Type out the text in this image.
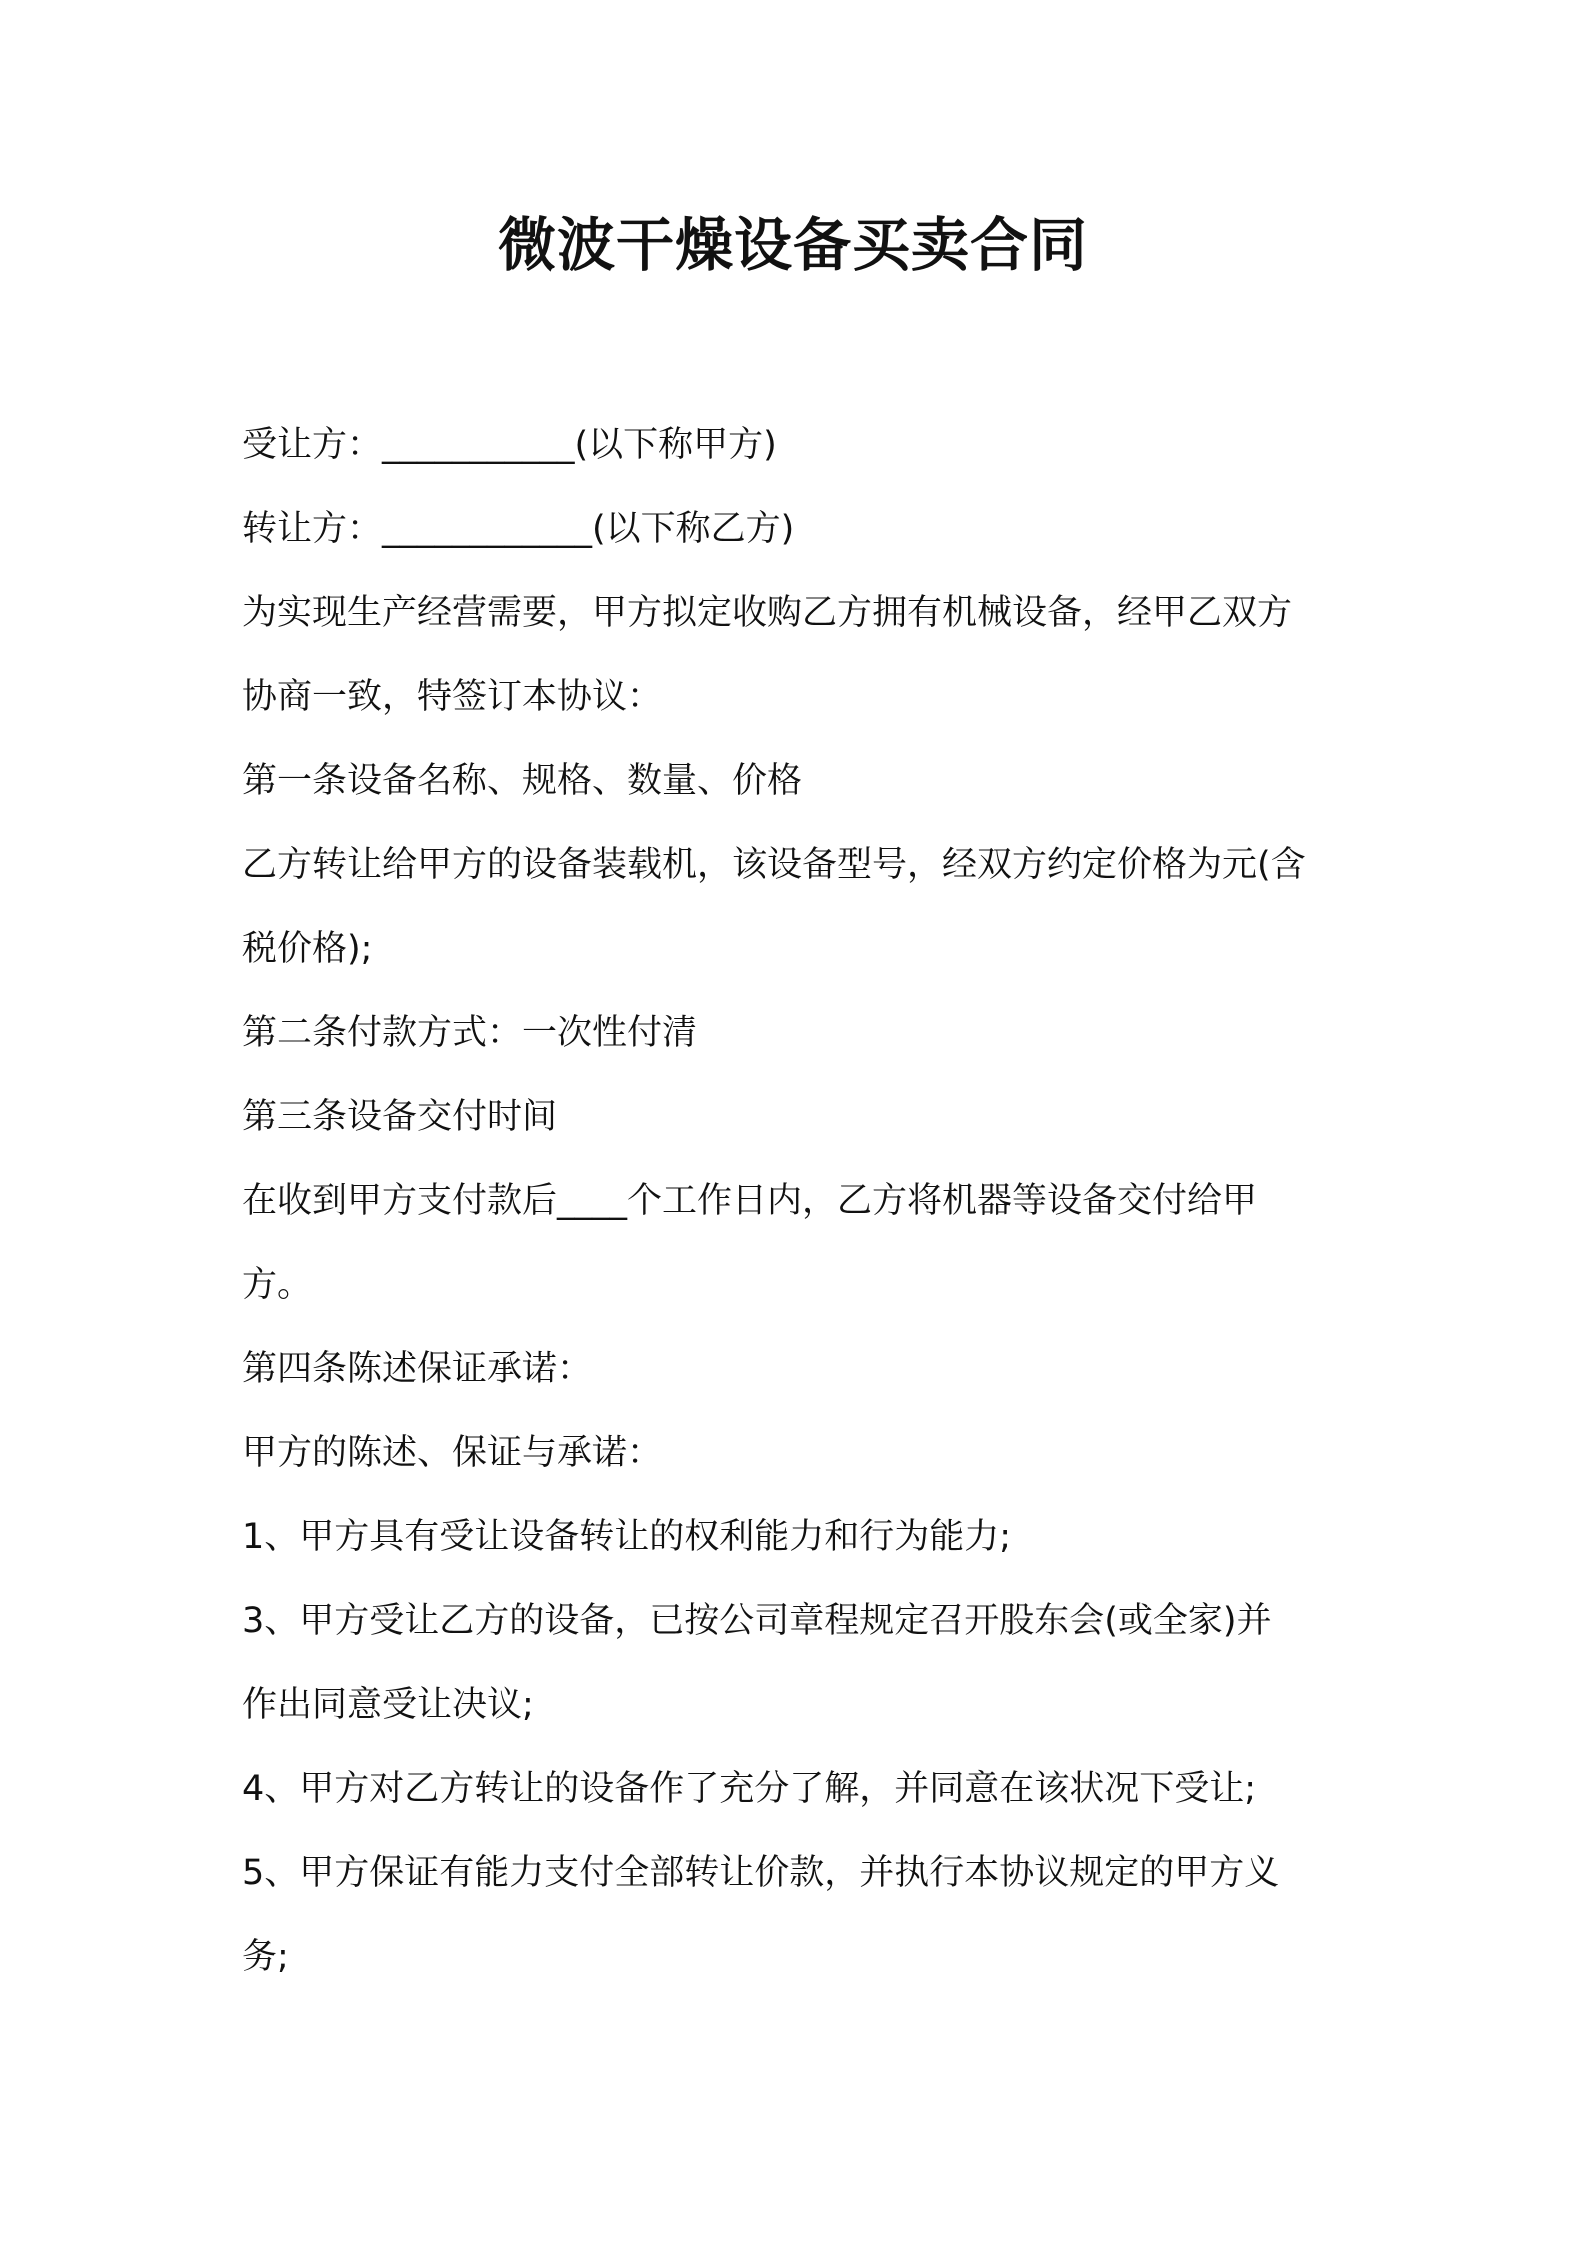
微波干燥设备买卖合同

受让方：___________(以下称甲方)

转让方：____________(以下称乙方)

为实现生产经营需要，甲方拟定收购乙方拥有机械设备，经甲乙双方

协商一致，特签订本协议：

第一条设备名称、规格、数量、价格

乙方转让给甲方的设备装载机，该设备型号，经双方约定价格为元(含

税价格);

第二条付款方式：一次性付清

第三条设备交付时间

在收到甲方支付款后____个工作日内，乙方将机器等设备交付给甲

方。

第四条陈述保证承诺：

甲方的陈述、保证与承诺：

1、甲方具有受让设备转让的权利能力和行为能力;

3、甲方受让乙方的设备，已按公司章程规定召开股东会(或全家)并

作出同意受让决议;

4、甲方对乙方转让的设备作了充分了解，并同意在该状况下受让;

5、甲方保证有能力支付全部转让价款，并执行本协议规定的甲方义

务;
